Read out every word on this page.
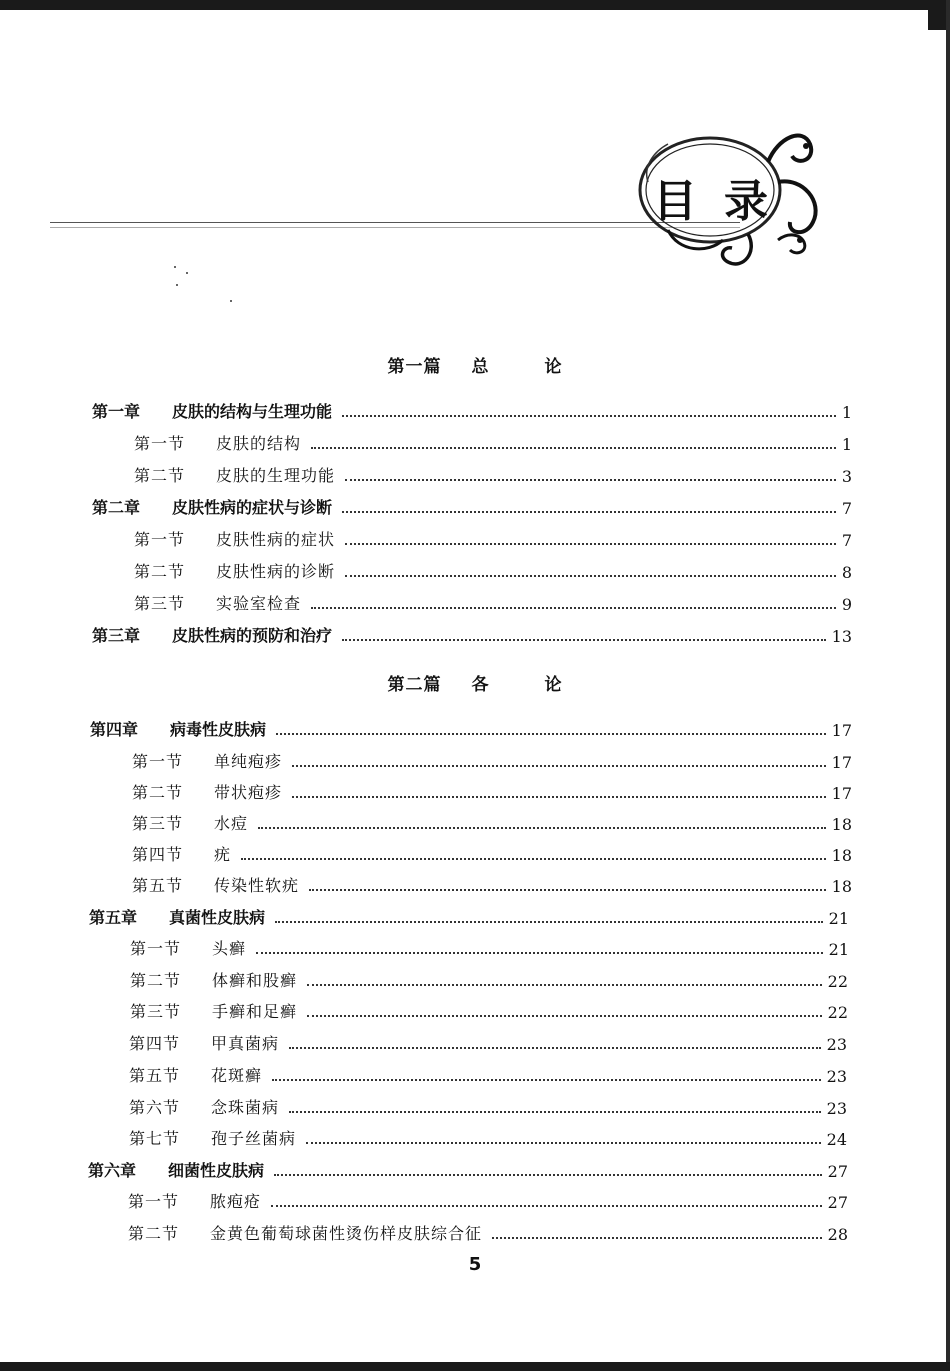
目 录
第一篇 总	论
第一章 皮肤的结构与生理功能	1
第一节 皮肤的结构	1
第二节 皮肤的生理功能	3
第二章 皮肤性病的症状与诊断	7
第一节 皮肤性病的症状	7
第二节 皮肤性病的诊断	8
第三节 实验室检查	9
第三章 皮肤性病的预防和治疗	13
第二篇 各	论
第四章 病毒性皮肤病	17
第一节 单纯疱疹	17
第二节 带状疱疹	17
第三节 水痘	18
第四节 疣	18
第五节 传染性软疣	18
第五章 真菌性皮肤病	21
第一节 头癣	21
第二节 体癣和股癣	22
第三节 手癣和足癣	22
第四节 甲真菌病	23
第五节 花斑癣	23
第六节 念珠菌病	23
第七节 孢子丝菌病	24
第六章 细菌性皮肤病	27
第一节 脓疱疮	27
第二节 金黄色葡萄球菌性烫伤样皮肤综合征	28
5
